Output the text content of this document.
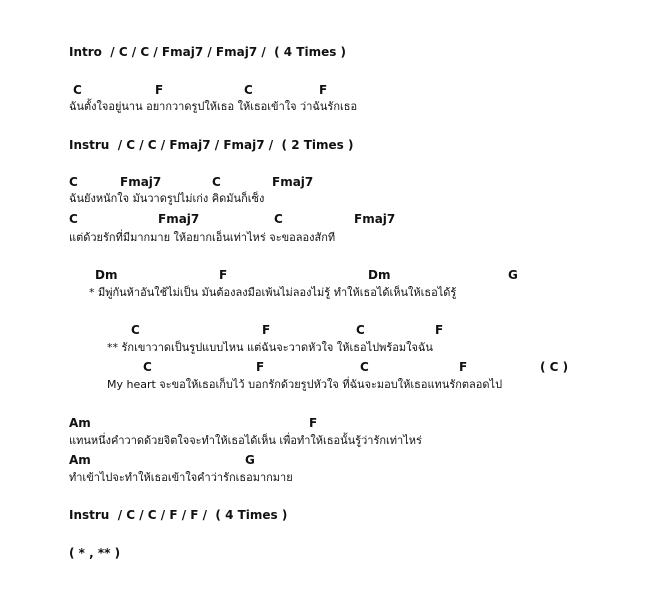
Intro  / C / C / Fmaj7 / Fmaj7 /  ( 4 Times )
C	F	C	F
ฉันตั้งใจอยู่นาน อยากวาดรูปให้เธอ ให้เธอเข้าใจ ว่าฉันรักเธอ
Instru  / C / C / Fmaj7 / Fmaj7 /  ( 2 Times )
C	Fmaj7	C	Fmaj7
ฉันยังหนักใจ มันวาดรูปไม่เก่ง คิดมันก็เซ็ง
C	Fmaj7	C	Fmaj7
แต่ด้วยรักที่มีมากมาย ให้อยากเอ็นเท่าไหร่ จะขอลองสักที
Dm	F	Dm	G
* มีพู่กันห้าอันใช้ไม่เป็น มันต้องลงมือเพ้นไม่ลองไม่รู้ ทำให้เธอได้เห็นให้เธอได้รู้
C	F	C	F
** รักเขาวาดเป็นรูปแบบไหน แต่ฉันจะวาดหัวใจ ให้เธอไปพร้อมใจฉัน
C	F	C	F	( C )
My heart จะขอให้เธอเก็บไว้ บอกรักด้วยรูปหัวใจ ที่ฉันจะมอบให้เธอแทนรักตลอดไป
Am	F
แทนหนึ่งคำวาดด้วยจิตใจจะทำให้เธอได้เห็น เพื่อทำให้เธอนั้นรู้ว่ารักเท่าไหร่
Am	G
ทำเข้าไปจะทำให้เธอเข้าใจคำว่ารักเธอมากมาย
Instru  / C / C / F / F /  ( 4 Times )
( * , ** )
